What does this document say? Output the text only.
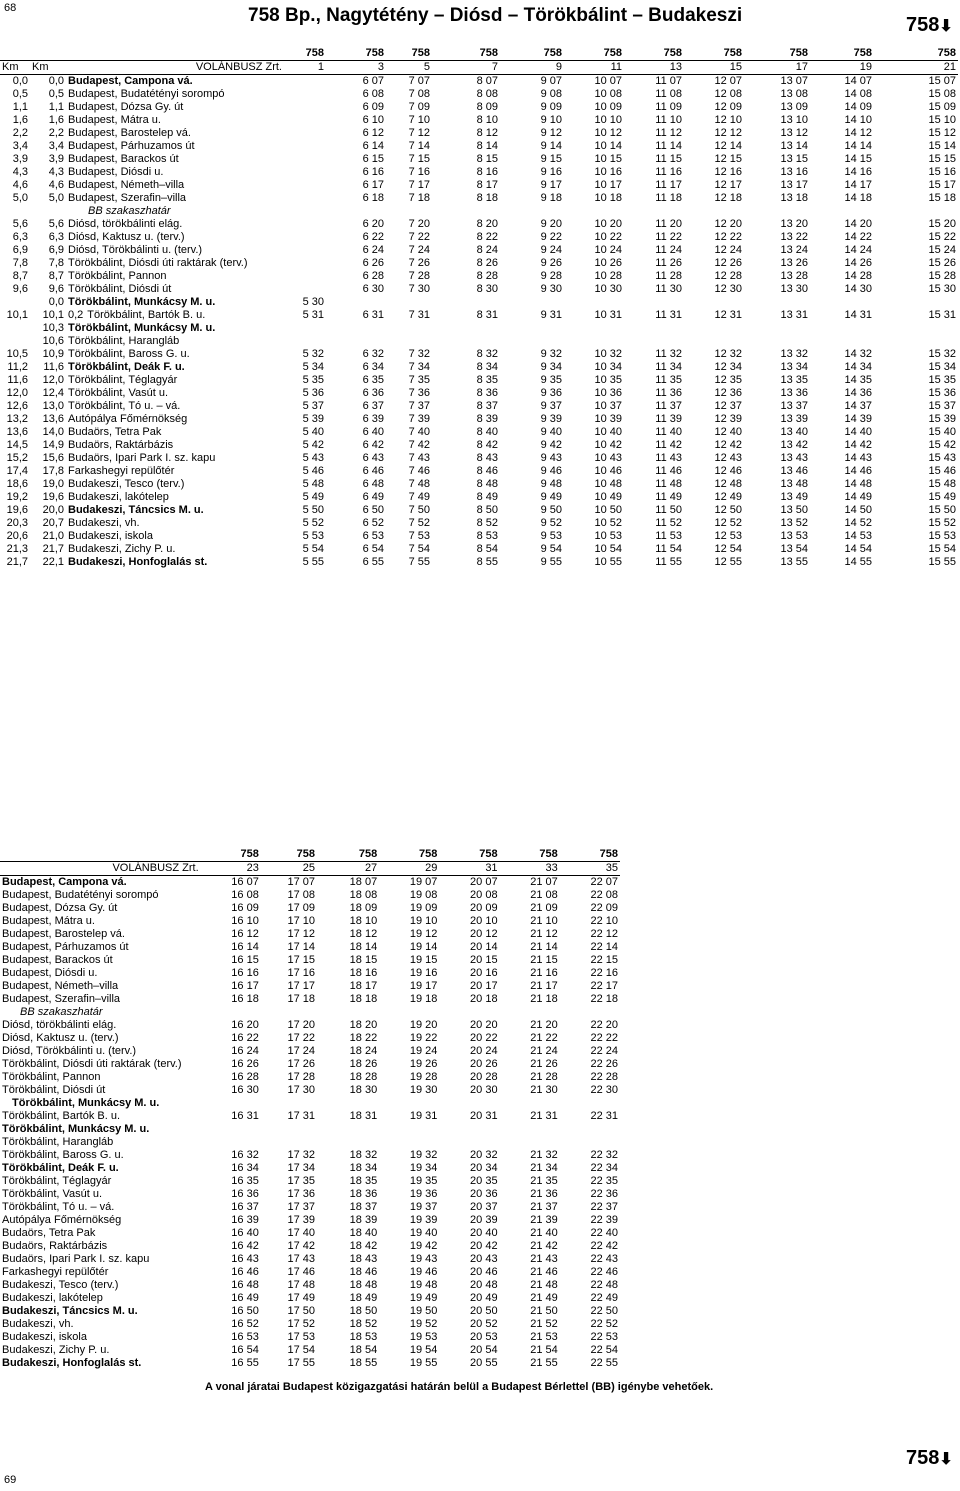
68	758 Bp., Nagytétény – Diósd – Törökbálint – Budakeszi	758⬇
			758	758	758	758	758	758	758	758	758	758	758	
Km	Km	VOLÁNBUSZ Zrt.	1	3	5	7	9	11	13	15	17	19	21	
0,0	0,0	Budapest, Campona vá.		6 07	7 07	8 07	9 07	10 07	11 07	12 07	13 07	14 07	15 07	
0,5	0,5	Budapest, Budatétényi sorompó		6 08	7 08	8 08	9 08	10 08	11 08	12 08	13 08	14 08	15 08	
1,1	1,1	Budapest, Dózsa Gy. út		6 09	7 09	8 09	9 09	10 09	11 09	12 09	13 09	14 09	15 09	
1,6	1,6	Budapest, Mátra u.		6 10	7 10	8 10	9 10	10 10	11 10	12 10	13 10	14 10	15 10	
2,2	2,2	Budapest, Barostelep vá.		6 12	7 12	8 12	9 12	10 12	11 12	12 12	13 12	14 12	15 12	
3,4	3,4	Budapest, Párhuzamos út		6 14	7 14	8 14	9 14	10 14	11 14	12 14	13 14	14 14	15 14	
3,9	3,9	Budapest, Barackos út		6 15	7 15	8 15	9 15	10 15	11 15	12 15	13 15	14 15	15 15	
4,3	4,3	Budapest, Diósdi u.		6 16	7 16	8 16	9 16	10 16	11 16	12 16	13 16	14 16	15 16	
4,6	4,6	Budapest, Németh–villa		6 17	7 17	8 17	9 17	10 17	11 17	12 17	13 17	14 17	15 17	
5,0	5,0	Budapest, Szerafin–villa		6 18	7 18	8 18	9 18	10 18	11 18	12 18	13 18	14 18	15 18	
		BB szakaszhatár												
5,6	5,6	Diósd, törökbálinti elág.		6 20	7 20	8 20	9 20	10 20	11 20	12 20	13 20	14 20	15 20	
6,3	6,3	Diósd, Kaktusz u. (terv.)		6 22	7 22	8 22	9 22	10 22	11 22	12 22	13 22	14 22	15 22	
6,9	6,9	Diósd, Törökbálinti u. (terv.)		6 24	7 24	8 24	9 24	10 24	11 24	12 24	13 24	14 24	15 24	
7,8	7,8	Törökbálint, Diósdi úti raktárak (terv.)		6 26	7 26	8 26	9 26	10 26	11 26	12 26	13 26	14 26	15 26	
8,7	8,7	Törökbálint, Pannon		6 28	7 28	8 28	9 28	10 28	11 28	12 28	13 28	14 28	15 28	
9,6	9,6	Törökbálint, Diósdi út		6 30	7 30	8 30	9 30	10 30	11 30	12 30	13 30	14 30	15 30	
	0,0	Törökbálint, Munkácsy M. u.	5 30											
10,1	10,1	0,2 Törökbálint, Bartók B. u.	5 31	6 31	7 31	8 31	9 31	10 31	11 31	12 31	13 31	14 31	15 31	
	10,3	Törökbálint, Munkácsy M. u.												
	10,6	Törökbálint, Harangláb												
10,5	10,9	Törökbálint, Baross G. u.	5 32	6 32	7 32	8 32	9 32	10 32	11 32	12 32	13 32	14 32	15 32	
11,2	11,6	Törökbálint, Deák F. u.	5 34	6 34	7 34	8 34	9 34	10 34	11 34	12 34	13 34	14 34	15 34	
11,6	12,0	Törökbálint, Téglagyár	5 35	6 35	7 35	8 35	9 35	10 35	11 35	12 35	13 35	14 35	15 35	
12,0	12,4	Törökbálint, Vasút u.	5 36	6 36	7 36	8 36	9 36	10 36	11 36	12 36	13 36	14 36	15 36	
12,6	13,0	Törökbálint, Tó u. – vá.	5 37	6 37	7 37	8 37	9 37	10 37	11 37	12 37	13 37	14 37	15 37	
13,2	13,6	Autópálya Főmérnökség	5 39	6 39	7 39	8 39	9 39	10 39	11 39	12 39	13 39	14 39	15 39	
13,6	14,0	Budaörs, Tetra Pak	5 40	6 40	7 40	8 40	9 40	10 40	11 40	12 40	13 40	14 40	15 40	
14,5	14,9	Budaörs, Raktárbázis	5 42	6 42	7 42	8 42	9 42	10 42	11 42	12 42	13 42	14 42	15 42	
15,2	15,6	Budaörs, Ipari Park I. sz. kapu	5 43	6 43	7 43	8 43	9 43	10 43	11 43	12 43	13 43	14 43	15 43	
17,4	17,8	Farkashegyi repülőtér	5 46	6 46	7 46	8 46	9 46	10 46	11 46	12 46	13 46	14 46	15 46	
18,6	19,0	Budakeszi, Tesco (terv.)	5 48	6 48	7 48	8 48	9 48	10 48	11 48	12 48	13 48	14 48	15 48	
19,2	19,6	Budakeszi, lakótelep	5 49	6 49	7 49	8 49	9 49	10 49	11 49	12 49	13 49	14 49	15 49	
19,6	20,0	Budakeszi, Táncsics M. u.	5 50	6 50	7 50	8 50	9 50	10 50	11 50	12 50	13 50	14 50	15 50	
20,3	20,7	Budakeszi, vh.	5 52	6 52	7 52	8 52	9 52	10 52	11 52	12 52	13 52	14 52	15 52	
20,6	21,0	Budakeszi, iskola	5 53	6 53	7 53	8 53	9 53	10 53	11 53	12 53	13 53	14 53	15 53	
21,3	21,7	Budakeszi, Zichy P. u.	5 54	6 54	7 54	8 54	9 54	10 54	11 54	12 54	13 54	14 54	15 54	
21,7	22,1	Budakeszi, Honfoglalás st.	5 55	6 55	7 55	8 55	9 55	10 55	11 55	12 55	13 55	14 55	15 55	
	758	758	758	758	758	758	758
VOLÁNBUSZ Zrt.	23	25	27	29	31	33	35
Budapest, Campona vá.	16 07	17 07	18 07	19 07	20 07	21 07	22 07
Budapest, Budatétényi sorompó	16 08	17 08	18 08	19 08	20 08	21 08	22 08
Budapest, Dózsa Gy. út	16 09	17 09	18 09	19 09	20 09	21 09	22 09
Budapest, Mátra u.	16 10	17 10	18 10	19 10	20 10	21 10	22 10
Budapest, Barostelep vá.	16 12	17 12	18 12	19 12	20 12	21 12	22 12
Budapest, Párhuzamos út	16 14	17 14	18 14	19 14	20 14	21 14	22 14
Budapest, Barackos út	16 15	17 15	18 15	19 15	20 15	21 15	22 15
Budapest, Diósdi u.	16 16	17 16	18 16	19 16	20 16	21 16	22 16
Budapest, Németh–villa	16 17	17 17	18 17	19 17	20 17	21 17	22 17
Budapest, Szerafin–villa	16 18	17 18	18 18	19 18	20 18	21 18	22 18
BB szakaszhatár							
Diósd, törökbálinti elág.	16 20	17 20	18 20	19 20	20 20	21 20	22 20
Diósd, Kaktusz u. (terv.)	16 22	17 22	18 22	19 22	20 22	21 22	22 22
Diósd, Törökbálinti u. (terv.)	16 24	17 24	18 24	19 24	20 24	21 24	22 24
Törökbálint, Diósdi úti raktárak (terv.)	16 26	17 26	18 26	19 26	20 26	21 26	22 26
Törökbálint, Pannon	16 28	17 28	18 28	19 28	20 28	21 28	22 28
Törökbálint, Diósdi út	16 30	17 30	18 30	19 30	20 30	21 30	22 30
Törökbálint, Munkácsy M. u.							
Törökbálint, Bartók B. u.	16 31	17 31	18 31	19 31	20 31	21 31	22 31
Törökbálint, Munkácsy M. u.							
Törökbálint, Harangláb							
Törökbálint, Baross G. u.	16 32	17 32	18 32	19 32	20 32	21 32	22 32
Törökbálint, Deák F. u.	16 34	17 34	18 34	19 34	20 34	21 34	22 34
Törökbálint, Téglagyár	16 35	17 35	18 35	19 35	20 35	21 35	22 35
Törökbálint, Vasút u.	16 36	17 36	18 36	19 36	20 36	21 36	22 36
Törökbálint, Tó u. – vá.	16 37	17 37	18 37	19 37	20 37	21 37	22 37
Autópálya Főmérnökség	16 39	17 39	18 39	19 39	20 39	21 39	22 39
Budaörs, Tetra Pak	16 40	17 40	18 40	19 40	20 40	21 40	22 40
Budaörs, Raktárbázis	16 42	17 42	18 42	19 42	20 42	21 42	22 42
Budaörs, Ipari Park I. sz. kapu	16 43	17 43	18 43	19 43	20 43	21 43	22 43
Farkashegyi repülőtér	16 46	17 46	18 46	19 46	20 46	21 46	22 46
Budakeszi, Tesco (terv.)	16 48	17 48	18 48	19 48	20 48	21 48	22 48
Budakeszi, lakótelep	16 49	17 49	18 49	19 49	20 49	21 49	22 49
Budakeszi, Táncsics M. u.	16 50	17 50	18 50	19 50	20 50	21 50	22 50
Budakeszi, vh.	16 52	17 52	18 52	19 52	20 52	21 52	22 52
Budakeszi, iskola	16 53	17 53	18 53	19 53	20 53	21 53	22 53
Budakeszi, Zichy P. u.	16 54	17 54	18 54	19 54	20 54	21 54	22 54
Budakeszi, Honfoglalás st.	16 55	17 55	18 55	19 55	20 55	21 55	22 55
A vonal járatai Budapest közigazgatási határán belül a Budapest Bérlettel (BB) igénybe vehetőek.
758⬇
69
